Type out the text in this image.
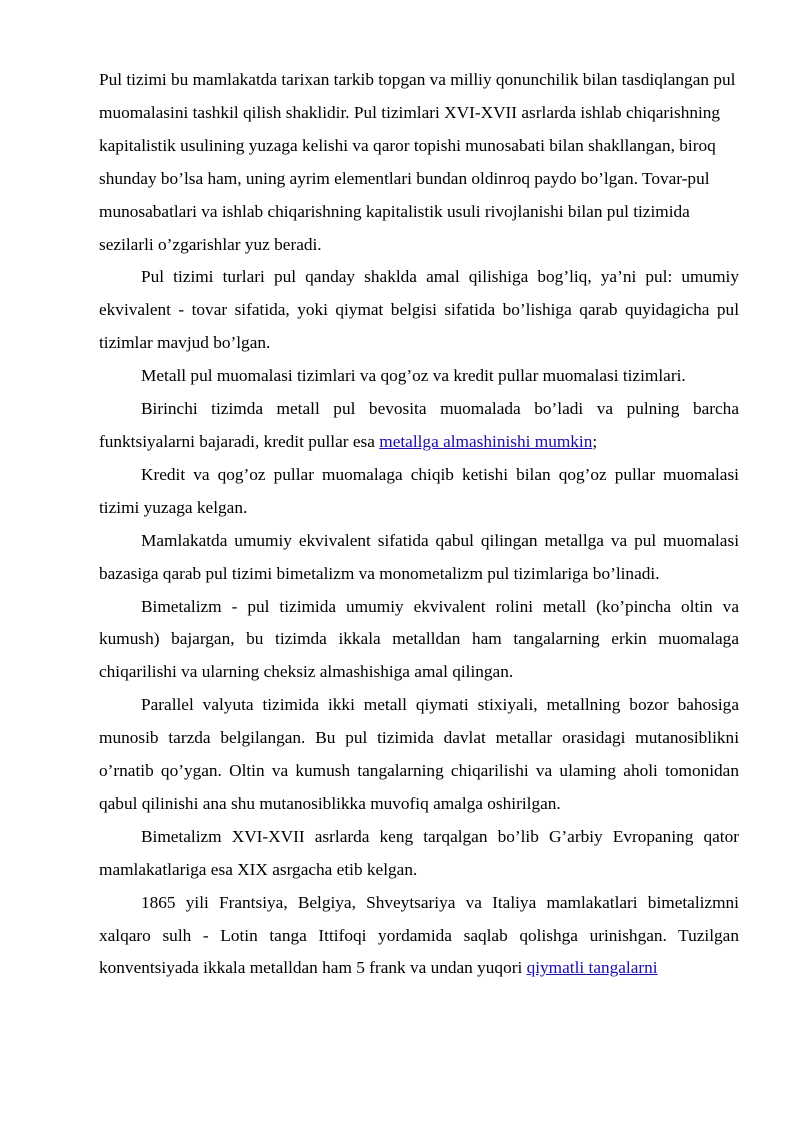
Pul tizimi bu mamlakatda tarixan tarkib topgan va milliy qonunchilik bilan tasdiqlangan pul muomalasini tashkil qilish shaklidir. Pul tizimlari XVI-XVII asrlarda ishlab chiqarishning kapitalistik usulining yuzaga kelishi va qaror topishi munosabati bilan shakllangan, biroq shunday bo’lsa ham, uning ayrim elementlari bundan oldinroq paydo bo’lgan. Tovar-pul munosabatlari va ishlab chiqarishning kapitalistik usuli rivojlanishi bilan pul tizimida sezilarli o’zgarishlar yuz beradi.

Pul tizimi turlari pul qanday shaklda amal qilishiga bog’liq, ya’ni pul: umumiy ekvivalent - tovar sifatida, yoki qiymat belgisi sifatida bo’lishiga qarab quyidagicha pul tizimlar mavjud bo’lgan.

Metall pul muomalasi tizimlari va qog’oz va kredit pullar muomalasi tizimlari.

Birinchi tizimda metall pul bevosita muomalada bo’ladi va pulning barcha funktsiyalarni bajaradi, kredit pullar esa metallga almashinishi mumkin;

Kredit va qog’oz pullar muomalaga chiqib ketishi bilan qog’oz pullar muomalasi tizimi yuzaga kelgan.

Mamlakatda umumiy ekvivalent sifatida qabul qilingan metallga va pul muomalasi bazasiga qarab pul tizimi bimetalizm va monometalizm pul tizimlariga bo’linadi.

Bimetalizm - pul tizimida umumiy ekvivalent rolini metall (ko’pincha oltin va kumush) bajargan, bu tizimda ikkala metalldan ham tangalarning erkin muomalaga chiqarilishi va ularning cheksiz almashishiga amal qilingan.

Parallel valyuta tizimida ikki metall qiymati stixiyali, metallning bozor bahosiga munosib tarzda belgilangan. Bu pul tizimida davlat metallar orasidagi mutanosiblikni o’rnatib qo’ygan. Oltin va kumush tangalarning chiqarilishi va ulaming aholi tomonidan qabul qilinishi ana shu mutanosiblikka muvofiq amalga oshirilgan.

Bimetalizm XVI-XVII asrlarda keng tarqalgan bo’lib G’arbiy Evropaning qator mamlakatlariga esa XIX asrgacha etib kelgan.

1865 yili Frantsiya, Belgiya, Shveytsariya va Italiya mamlakatlari bimetalizmni xalqaro sulh - Lotin tanga Ittifoqi yordamida saqlab qolishga urinishgan. Tuzilgan konventsiyada ikkala metalldan ham 5 frank va undan yuqori qiymatli tangalarni
